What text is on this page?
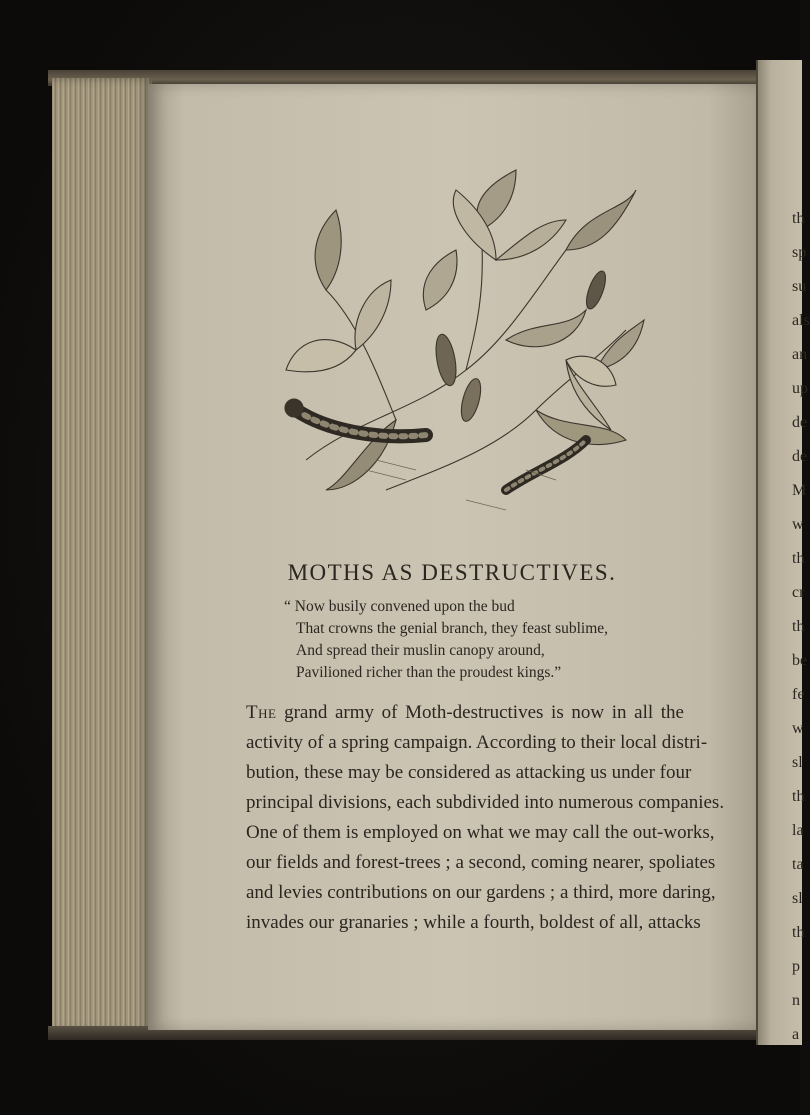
th
sp
su
als
an
up
de
de
M
w
th
cr
th
be
fe
w
sl
th
la
ta
sl
th
p
n
a
MOTHS AS DESTRUCTIVES.
“ Now busily convened upon the bud
That crowns the genial branch, they feast sublime,
And spread their muslin canopy around,
Pavilioned richer than the proudest kings.”
The grand army of Moth-destructives is now in all the
activity of a spring campaign. According to their local distri-
bution, these may be considered as attacking us under four
principal divisions, each subdivided into numerous companies.
One of them is employed on what we may call the out-works,
our fields and forest-trees ; a second, coming nearer, spoliates
and levies contributions on our gardens ; a third, more daring,
invades our granaries ; while a fourth, boldest of all, attacks
